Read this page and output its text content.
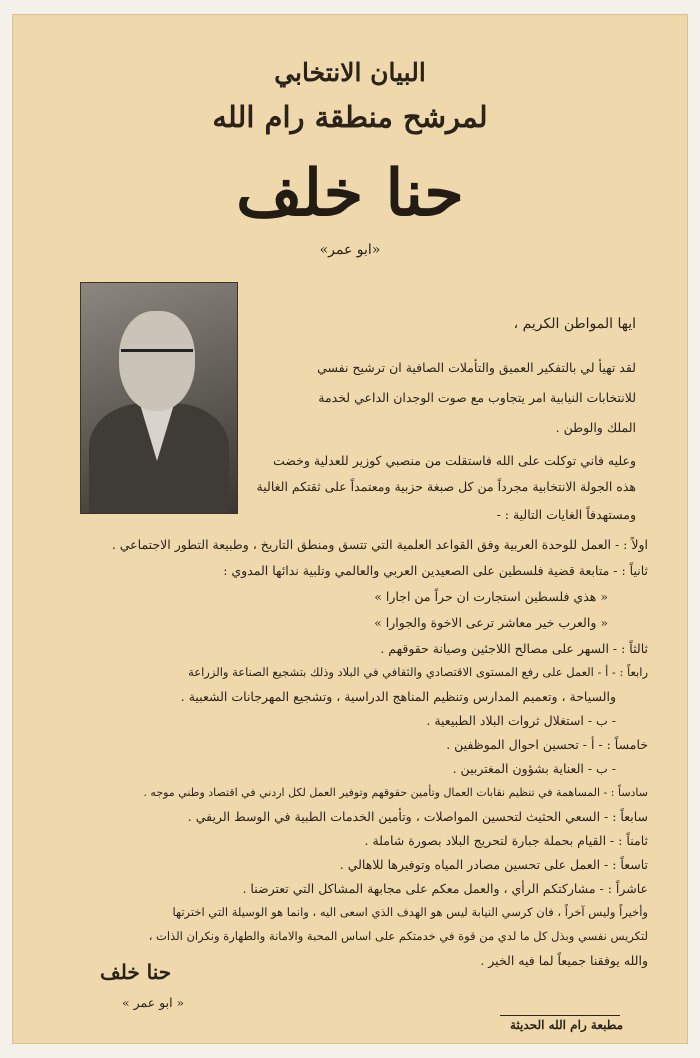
البيان الانتخابي
لمرشح منطقة رام الله
حنا خلف
«ابو عمر»
ايها المواطن الكريم ،
لقد تهيأ لي بالتفكير العميق والتأملات الصافية ان ترشيح نفسي
للانتخابات النيابية امر يتجاوب مع صوت الوجدان الداعي لخدمة
الملك والوطن .
وعليه فاني توكلت على الله فاستقلت من منصبي كوزير للعدلية وخضت
هذه الجولة الانتخابية مجرداً من كل صبغة حزبية ومعتمداً على ثقتكم الغالية
ومستهدفاً الغايات التالية : -
اولاً : - العمل للوحدة العربية وفق القواعد العلمية التي تتسق ومنطق التاريخ ، وطبيعة التطور الاجتماعي .
ثانياً : - متابعة قضية فلسطين على الصعيدين العربي والعالمي وتلبية ندائها المدوي :
« هذي فلسطين استجارت ان حراً من اجارا »
« والعرب خير معاشر ترعى الاخوة والجوارا »
ثالثاً : - السهر على مصالح اللاجئين وصيانة حقوقهم .
رابعاً : - أ - العمل على رفع المستوى الاقتصادي والثقافي في البلاد وذلك بتشجيع الصناعة والزراعة
والسياحة ، وتعميم المدارس وتنظيم المناهج الدراسية ، وتشجيع المهرجانات الشعبية .
- ب - استغلال ثروات البلاد الطبيعية .
خامساً : - أ - تحسين احوال الموظفين .
- ب - العناية بشؤون المغتربين .
سادساً : - المساهمة في تنظيم نقابات العمال وتأمين حقوقهم وتوفير العمل لكل اردني في اقتصاد وطني موجه .
سابعاً : - السعي الحثيث لتحسين المواصلات ، وتأمين الخدمات الطبية في الوسط الريفي .
ثامناً : - القيام بحملة جبارة لتحريج البلاد بصورة شاملة .
تاسعاً : - العمل على تحسين مصادر المياه وتوفيرها للاهالي .
عاشراً : - مشاركتكم الرأي ، والعمل معكم على مجابهة المشاكل التي تعترضنا .
وأخيراً وليس آخراً ، فان كرسي النيابة ليس هو الهدف الذي اسعى اليه ، وانما هو الوسيلة التي اخترتها
لتكريس نفسي وبذل كل ما لدي من قوة في خدمتكم على اساس المحبة والامانة والطهارة ونكران الذات ،
والله يوفقنا جميعاً لما فيه الخير .
حنا خلف
« ابو عمر »
مطبعة رام الله الحديثة
